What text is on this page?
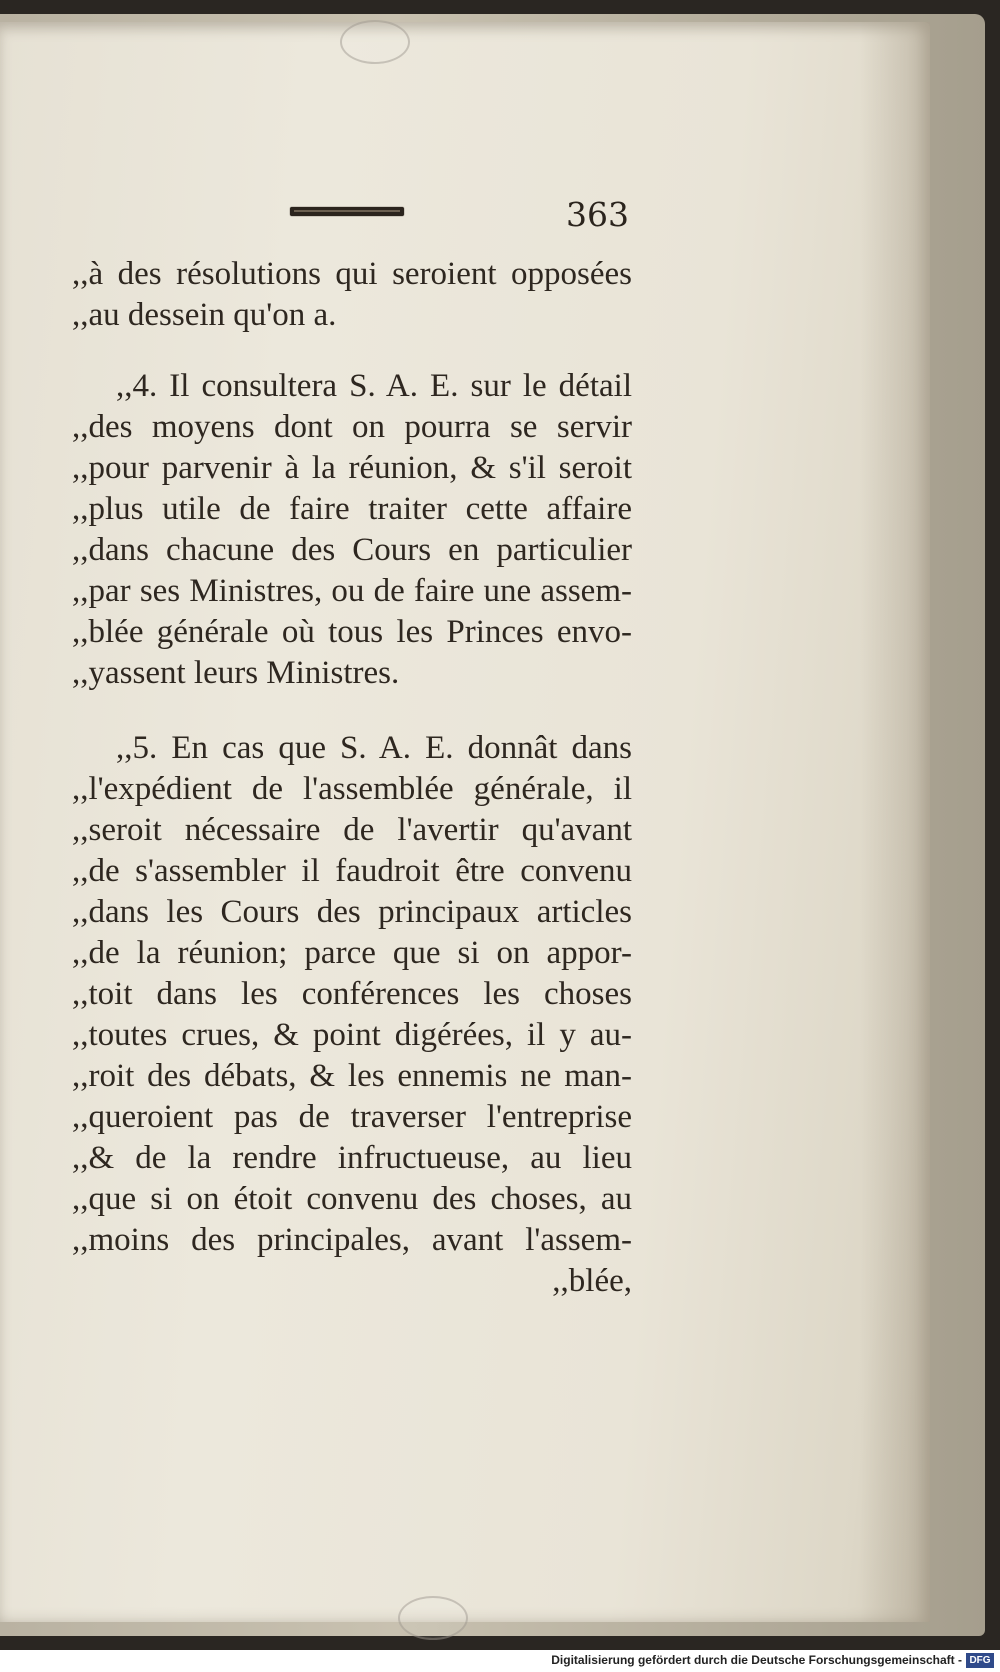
363

,,à des résolutions qui seroient opposées
,,au dessein qu'on a.
,,4. Il consultera S. A. E. sur le détail
,,des moyens dont on pourra se servir
,,pour parvenir à la réunion, & s'il seroit
,,plus utile de faire traiter cette affaire
,,dans chacune des Cours en particulier
,,par ses Ministres, ou de faire une assem-
,,blée générale où tous les Princes envo-
,,yassent leurs Ministres.
,,5. En cas que S. A. E. donnât dans
,,l'expédient de l'assemblée générale, il
,,seroit nécessaire de l'avertir qu'avant
,,de s'assembler il faudroit être convenu
,,dans les Cours des principaux articles
,,de la réunion; parce que si on appor-
,,toit dans les conférences les choses
,,toutes crues, & point digérées, il y au-
,,roit des débats, & les ennemis ne man-
,,queroient pas de traverser l'entreprise
,,& de la rendre infructueuse, au lieu
,,que si on étoit convenu des choses, au
,,moins des principales, avant l'assem-
,,blée,
Digitalisierung gefördert durch die Deutsche Forschungsgemeinschaft - DFG
